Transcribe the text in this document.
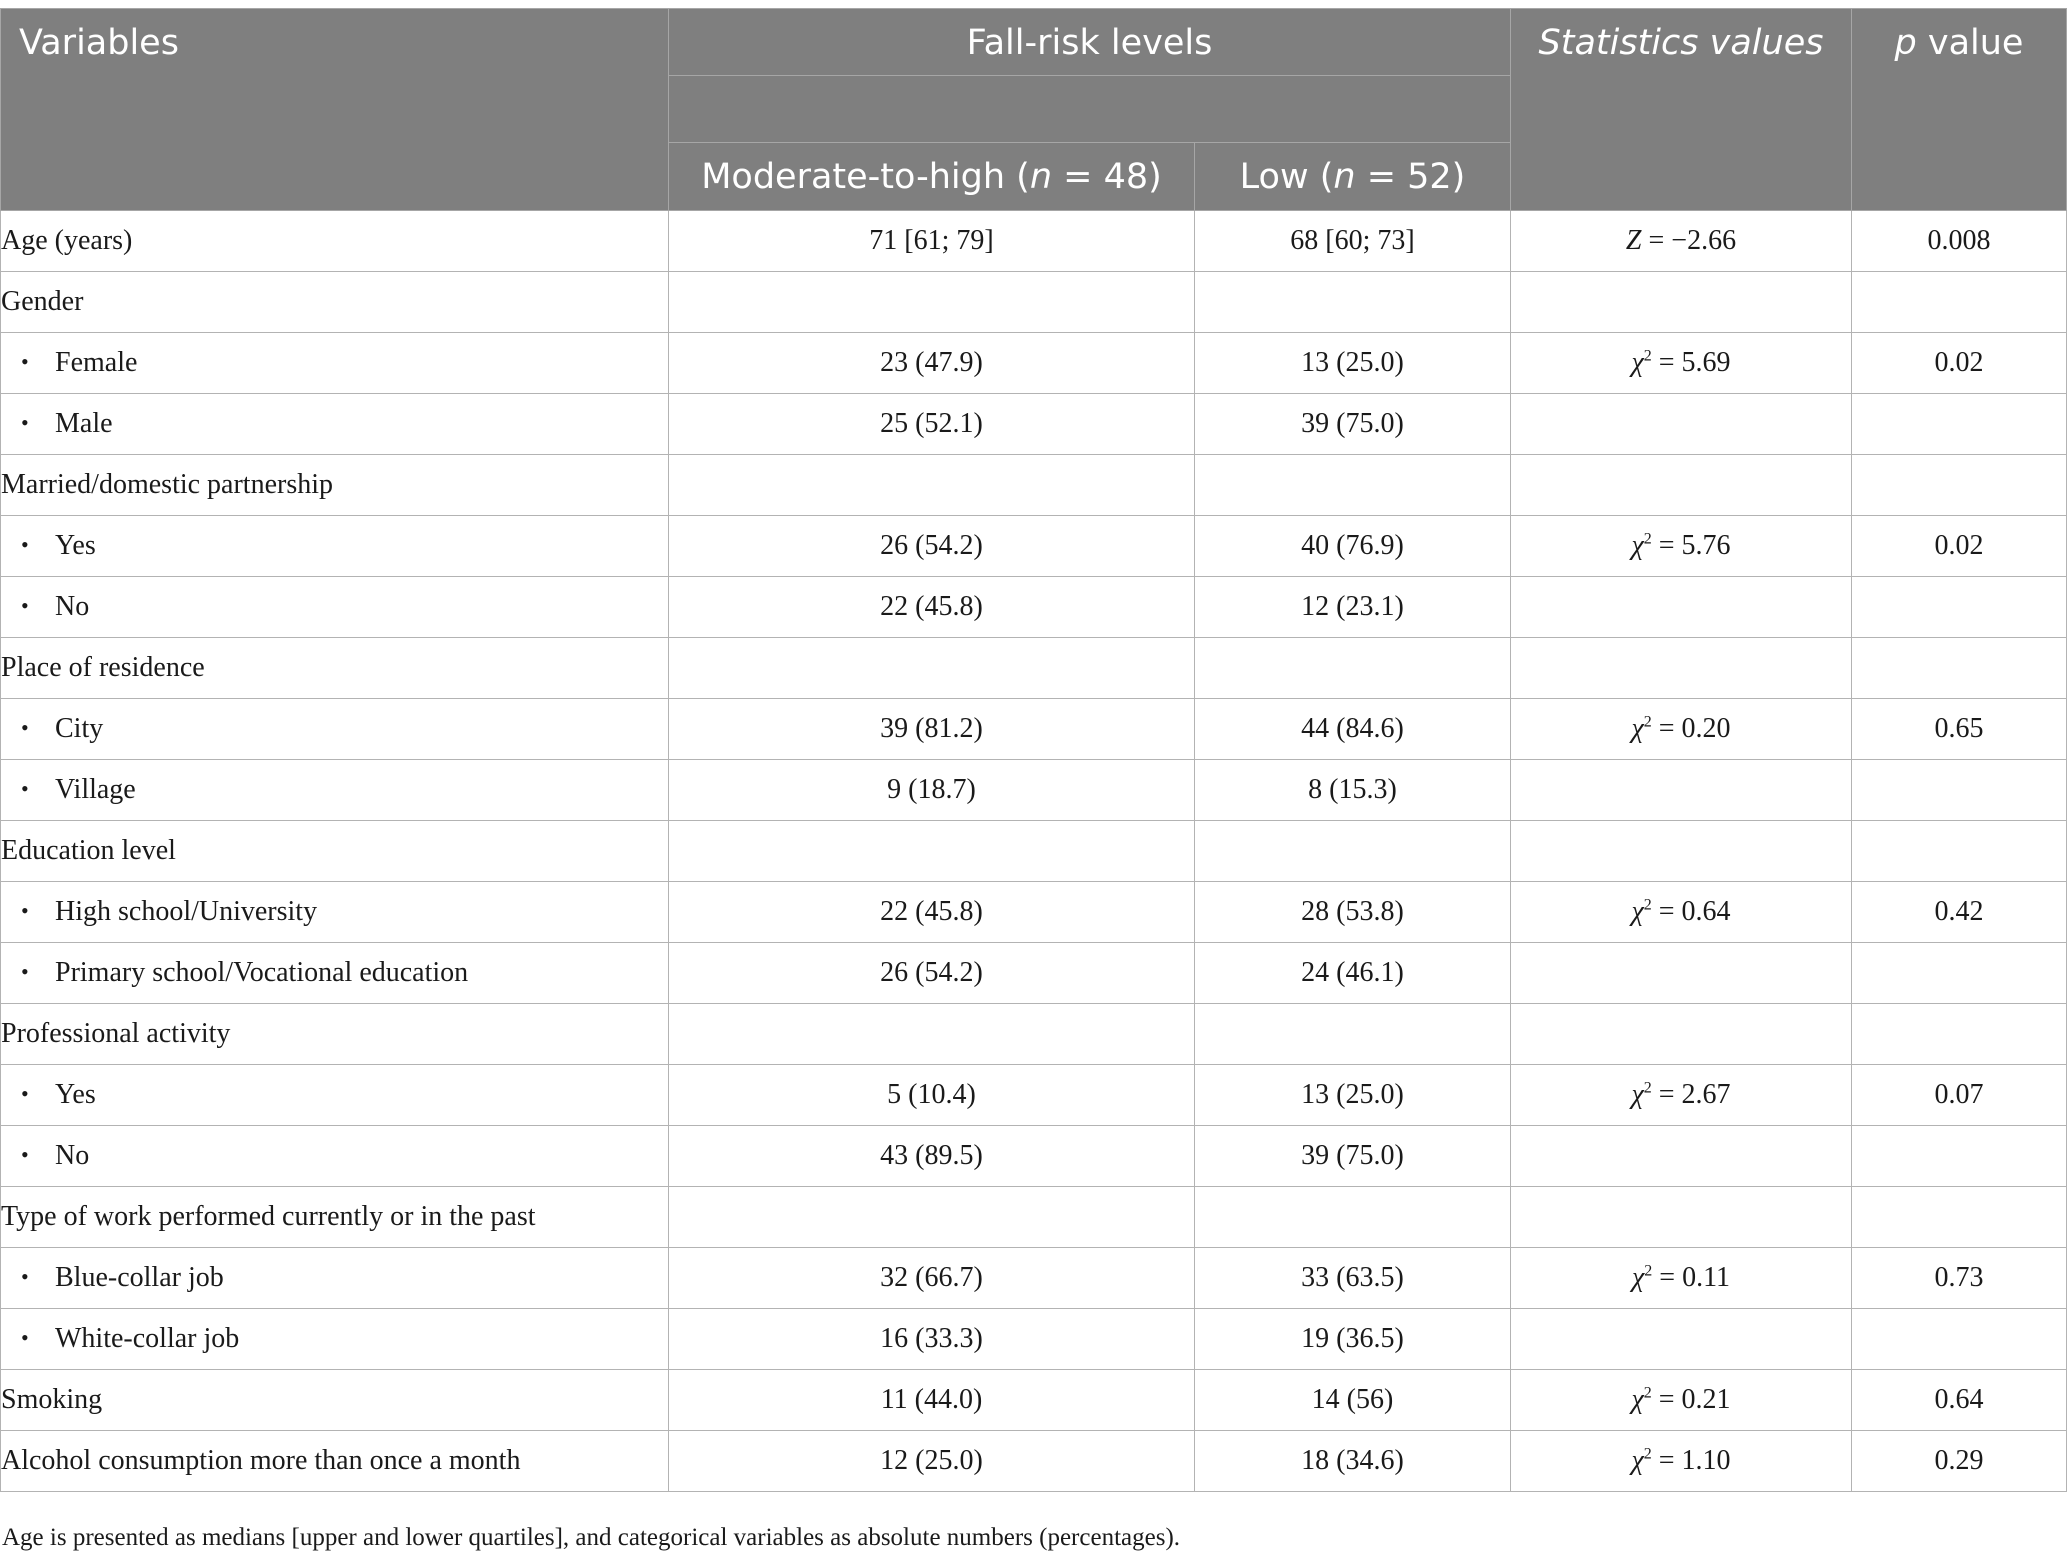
Variables	Fall-risk levels		Statistics values	p value

	Moderate-to-high (n = 48)	Low (n = 52)		

Age (years)	71 [61; 79]	68 [60; 73]	Z = −2.66	0.008
Gender				
• Female	23 (47.9)	13 (25.0)	$\chi^2 = 5.69$	0.02
• Male	25 (52.1)	39 (75.0)		
Married/domestic partnership				
• Yes	26 (54.2)	40 (76.9)	$\chi^2 = 5.76$	0.02
• No	22 (45.8)	12 (23.1)		
Place of residence				
• City	39 (81.2)	44 (84.6)	$\chi^2 = 0.20$	0.65
• Village	9 (18.7)	8 (15.3)		
Education level				
• High school/University	22 (45.8)	28 (53.8)	$\chi^2 = 0.64$	0.42
• Primary school/Vocational education	26 (54.2)	24 (46.1)		
Professional activity				
• Yes	5 (10.4)	13 (25.0)	$\chi^2 = 2.67$	0.07
• No	43 (89.5)	39 (75.0)		
Type of work performed currently or in the past				
• Blue-collar job	32 (66.7)	33 (63.5)	$\chi^2 = 0.11$	0.73
• White-collar job	16 (33.3)	19 (36.5)		
Smoking	11 (44.0)	14 (56)	$\chi^2 = 0.21$	0.64
Alcohol consumption more than once a month	12 (25.0)	18 (34.6)	$\chi^2 = 1.10$	0.29
Age is presented as medians [upper and lower quartiles], and categorical variables as absolute numbers (percentages).
